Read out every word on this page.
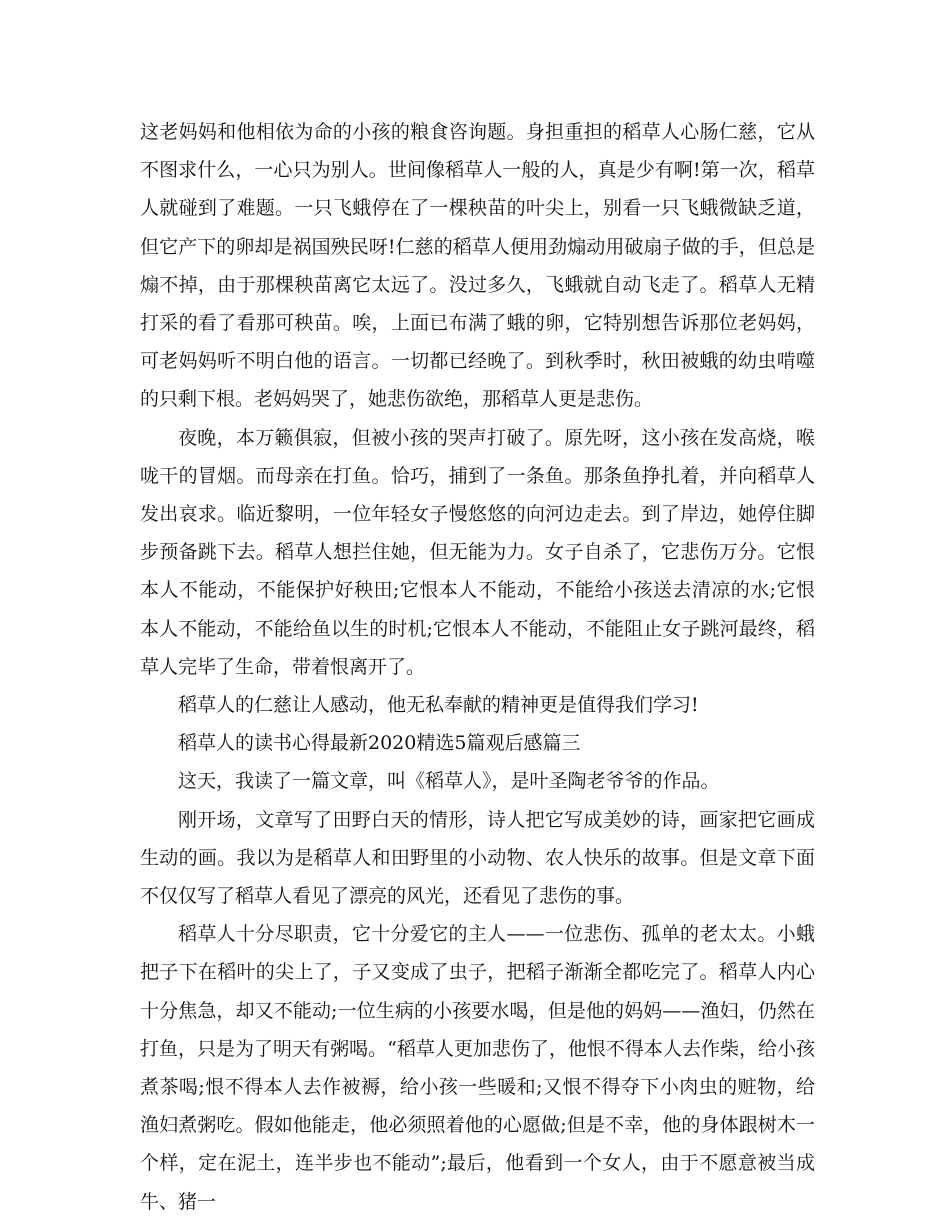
这老妈妈和他相依为命的小孩的粮食咨询题。身担重担的稻草人心肠仁慈，它从不图求什么，一心只为别人。世间像稻草人一般的人，真是少有啊!第一次，稻草人就碰到了难题。一只飞蛾停在了一棵秧苗的叶尖上，别看一只飞蛾微缺乏道，但它产下的卵却是祸国殃民呀!仁慈的稻草人便用劲煽动用破扇子做的手，但总是煽不掉，由于那棵秧苗离它太远了。没过多久，飞蛾就自动飞走了。稻草人无精打采的看了看那可秧苗。唉，上面已布满了蛾的卵，它特别想告诉那位老妈妈，可老妈妈听不明白他的语言。一切都已经晚了。到秋季时，秋田被蛾的幼虫啃噬的只剩下根。老妈妈哭了，她悲伤欲绝，那稻草人更是悲伤。

夜晚，本万籁俱寂，但被小孩的哭声打破了。原先呀，这小孩在发高烧，喉咙干的冒烟。而母亲在打鱼。恰巧，捕到了一条鱼。那条鱼挣扎着，并向稻草人发出哀求。临近黎明，一位年轻女子慢悠悠的向河边走去。到了岸边，她停住脚步预备跳下去。稻草人想拦住她，但无能为力。女子自杀了，它悲伤万分。它恨本人不能动，不能保护好秧田;它恨本人不能动，不能给小孩送去清凉的水;它恨本人不能动，不能给鱼以生的时机;它恨本人不能动，不能阻止女子跳河最终，稻草人完毕了生命，带着恨离开了。

稻草人的仁慈让人感动，他无私奉献的精神更是值得我们学习!

稻草人的读书心得最新2020精选5篇观后感篇三

这天，我读了一篇文章，叫《稻草人》，是叶圣陶老爷爷的作品。

刚开场，文章写了田野白天的情形，诗人把它写成美妙的诗，画家把它画成生动的画。我以为是稻草人和田野里的小动物、农人快乐的故事。但是文章下面不仅仅写了稻草人看见了漂亮的风光，还看见了悲伤的事。

稻草人十分尽职责，它十分爱它的主人——一位悲伤、孤单的老太太。小蛾把子下在稻叶的尖上了，子又变成了虫子，把稻子渐渐全都吃完了。稻草人内心十分焦急，却又不能动;一位生病的小孩要水喝，但是他的妈妈——渔妇，仍然在打鱼，只是为了明天有粥喝。“稻草人更加悲伤了，他恨不得本人去作柴，给小孩煮茶喝;恨不得本人去作被褥，给小孩一些暖和;又恨不得夺下小肉虫的赃物，给渔妇煮粥吃。假如他能走，他必须照着他的心愿做;但是不幸，他的身体跟树木一个样，定在泥土，连半步也不能动”;最后，他看到一个女人，由于不愿意被当成牛、猪一
